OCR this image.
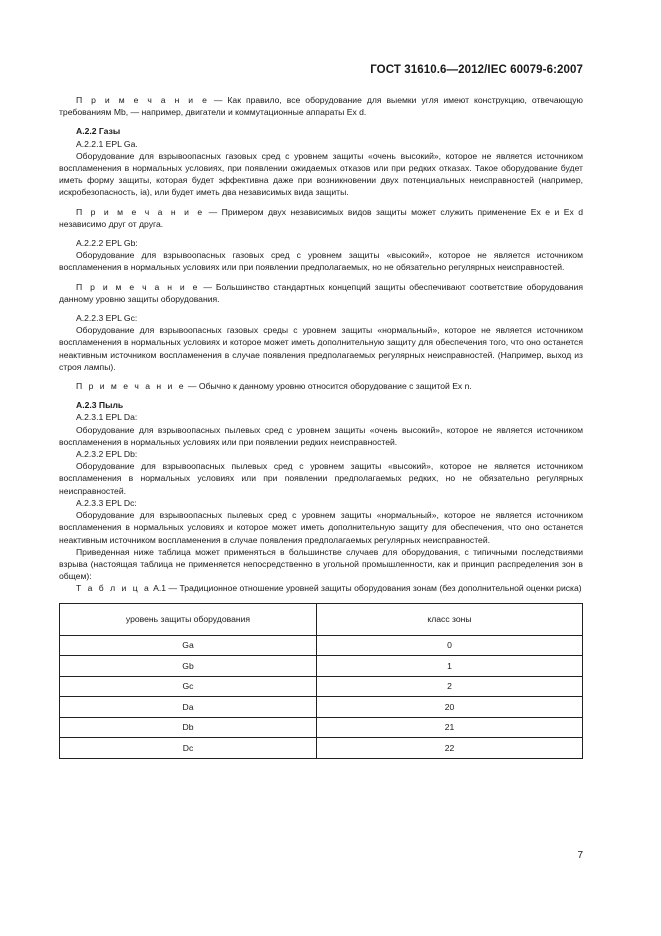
ГОСТ 31610.6—2012/IEC 60079-6:2007

П р и м е ч а н и е — Как правило, все оборудование для выемки угля имеют конструкцию, отвечающую требованиям Mb, — например, двигатели и коммутационные аппараты Ex d.

А.2.2 Газы

А.2.2.1 EPL Ga.

Оборудование для взрывоопасных газовых сред с уровнем защиты «очень высокий», которое не является источником воспламенения в нормальных условиях, при появлении ожидаемых отказов или при редких отказах. Такое оборудование будет иметь форму защиты, которая будет эффективна даже при возникновении двух потенциальных неисправностей (например, искробезопасность, ia), или будет иметь два независимых вида защиты.

П р и м е ч а н и е — Примером двух независимых видов защиты может служить применение Ex e и Ex d независимо друг от друга.

А.2.2.2 EPL Gb:

Оборудование для взрывоопасных газовых сред с уровнем защиты «высокий», которое не является источником воспламенения в нормальных условиях или при появлении предполагаемых, но не обязательно регулярных неисправностей.

П р и м е ч а н и е — Большинство стандартных концепций защиты обеспечивают соответствие оборудования данному уровню защиты оборудования.

А.2.2.3 EPL Gc:

Оборудование для взрывоопасных газовых среды с уровнем защиты «нормальный», которое не является источником воспламенения в нормальных условиях и которое может иметь дополнительную защиту для обеспечения того, что оно останется неактивным источником воспламенения в случае появления предполагаемых регулярных неисправностей. (Например, выход из строя лампы).

П р и м е ч а н и е — Обычно к данному уровню относится оборудование с защитой Ex n.

А.2.3 Пыль

А.2.3.1 EPL Da:

Оборудование для взрывоопасных пылевых сред с уровнем защиты «очень высокий», которое не является источником воспламенения в нормальных условиях или при появлении редких неисправностей.

А.2.3.2 EPL Db:

Оборудование для взрывоопасных пылевых сред с уровнем защиты «высокий», которое не является источником воспламенения в нормальных условиях или при появлении предполагаемых редких, но не обязательно регулярных неисправностей.

А.2.3.3 EPL Dc:

Оборудование для взрывоопасных пылевых сред с уровнем защиты «нормальный», которое не является источником воспламенения в нормальных условиях и которое может иметь дополнительную защиту для обеспечения, что оно останется неактивным источником воспламенения в случае появления предполагаемых регулярных неисправностей.

Приведенная ниже таблица может применяться в большинстве случаев для оборудования, с типичными последствиями взрыва (настоящая таблица не применяется непосредственно в угольной промышленности, как и принцип распределения зон в общем):

Т а б л и ц а А.1 — Традиционное отношение уровней защиты оборудования зонам (без дополнительной оценки риска)

уровень защиты оборудования	класс зоны
Ga	0
Gb	1
Gc	2
Da	20
Db	21
Dc	22
7
